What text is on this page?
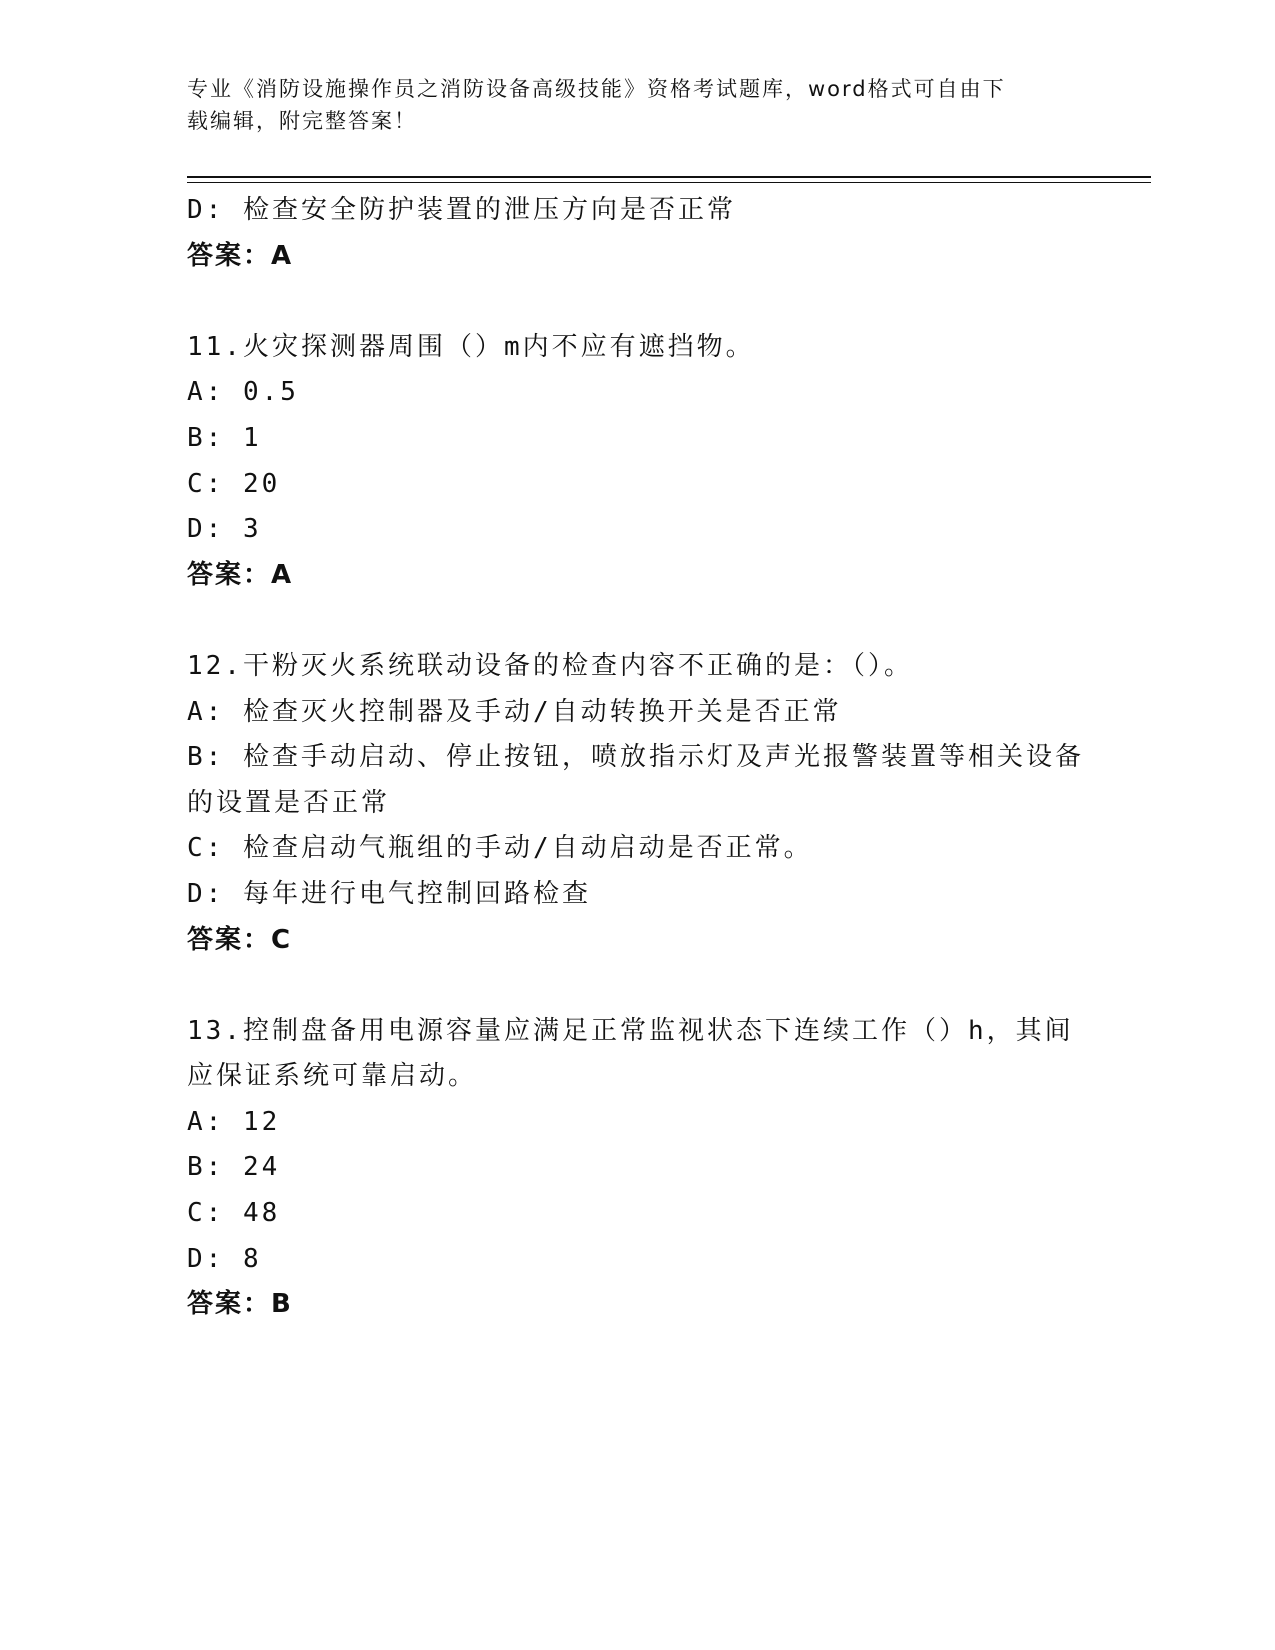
专业《消防设施操作员之消防设备高级技能》资格考试题库，word格式可自由下
载编辑，附完整答案！
D: 检查安全防护装置的泄压方向是否正常
答案：A
11.火灾探测器周围（）m内不应有遮挡物。
A: 0.5
B: 1
C: 20
D: 3
答案：A
12.干粉灭火系统联动设备的检查内容不正确的是：（）。
A: 检查灭火控制器及手动/自动转换开关是否正常
B: 检查手动启动、停止按钮，喷放指示灯及声光报警装置等相关设备
的设置是否正常
C: 检查启动气瓶组的手动/自动启动是否正常。
D: 每年进行电气控制回路检查
答案：C
13.控制盘备用电源容量应满足正常监视状态下连续工作（）h，其间
应保证系统可靠启动。
A: 12
B: 24
C: 48
D: 8
答案：B
